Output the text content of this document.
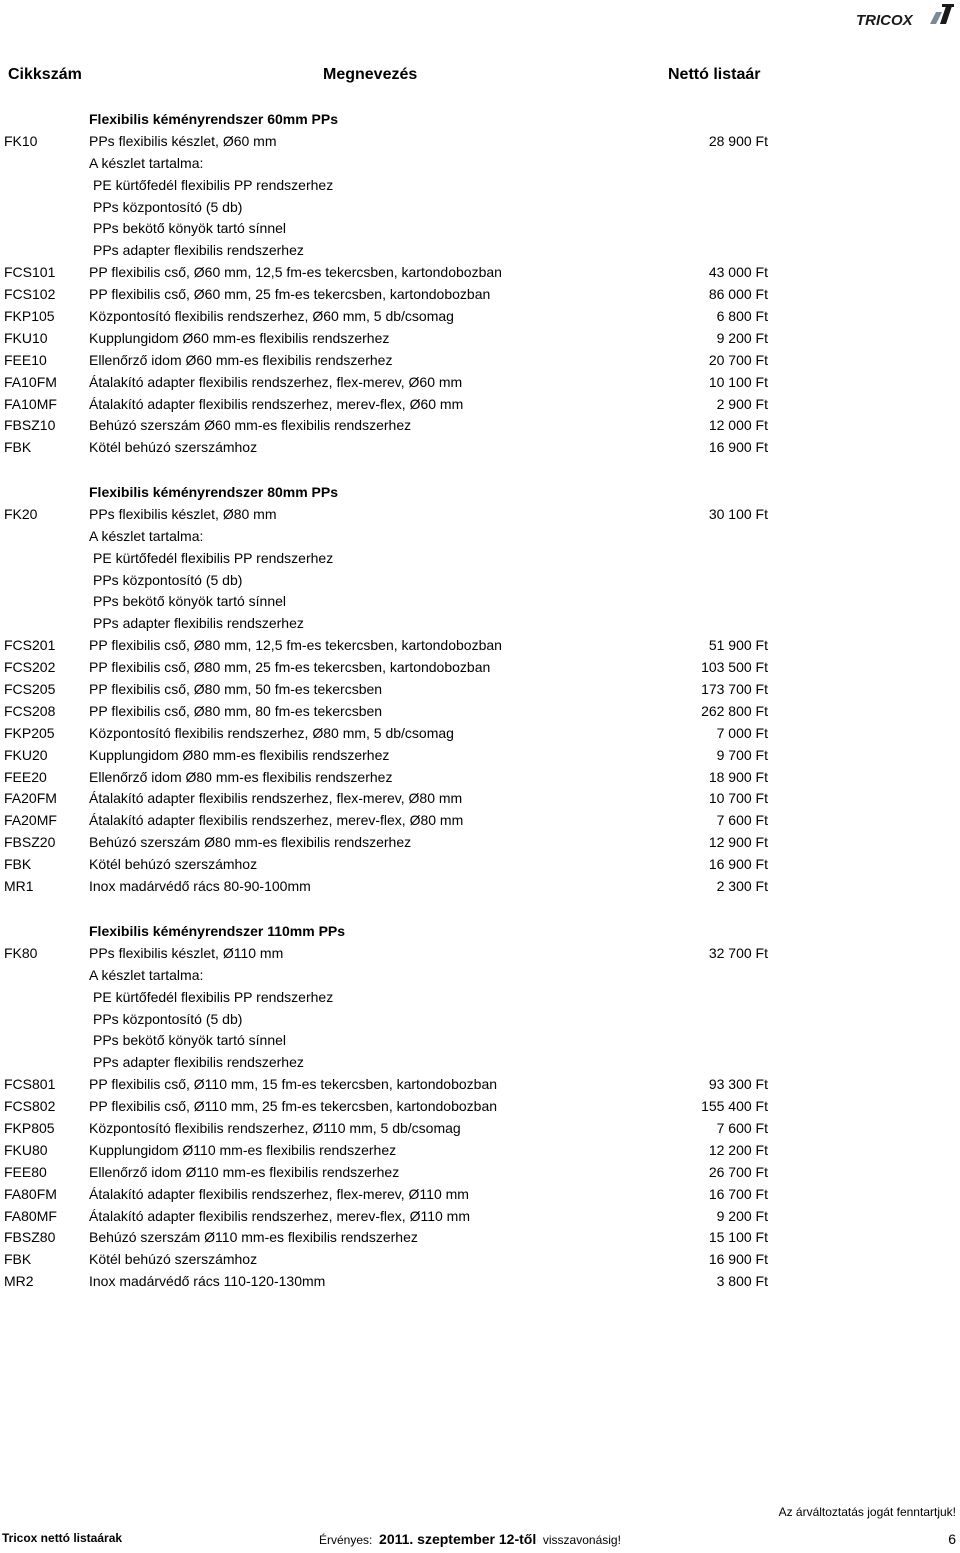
TRICOX
Cikkszám	Megnevezés	Nettó listaár
Flexibilis kéményrendszer 60mm PPs
FK10	PPs flexibilis készlet, Ø60 mm	28 900 Ft
A készlet tartalma:
PE kürtőfedél flexibilis PP rendszerhez
PPs központosító (5 db)
PPs bekötő könyök tartó sínnel
PPs adapter flexibilis rendszerhez
FCS101 PP flexibilis cső, Ø60 mm, 12,5 fm-es tekercsben, kartondobozban	43 000 Ft
FCS102 PP flexibilis cső, Ø60 mm, 25 fm-es tekercsben, kartondobozban	86 000 Ft
FKP105 Központosító flexibilis rendszerhez, Ø60 mm, 5 db/csomag	6 800 Ft
FKU10	Kupplungidom Ø60 mm-es flexibilis rendszerhez	9 200 Ft
FEE10	Ellenőrző idom Ø60 mm-es flexibilis rendszerhez	20 700 Ft
FA10FM Átalakító adapter flexibilis rendszerhez, flex-merev, Ø60 mm	10 100 Ft
FA10MF Átalakító adapter flexibilis rendszerhez, merev-flex, Ø60 mm	2 900 Ft
FBSZ10 Behúzó szerszám Ø60 mm-es flexibilis rendszerhez	12 000 Ft
FBK	Kötél behúzó szerszámhoz	16 900 Ft
Flexibilis kéményrendszer 80mm PPs
FK20	PPs flexibilis készlet, Ø80 mm	30 100 Ft
A készlet tartalma:
PE kürtőfedél flexibilis PP rendszerhez
PPs központosító (5 db)
PPs bekötő könyök tartó sínnel
PPs adapter flexibilis rendszerhez
FCS201 PP flexibilis cső, Ø80 mm, 12,5 fm-es tekercsben, kartondobozban	51 900 Ft
FCS202 PP flexibilis cső, Ø80 mm, 25 fm-es tekercsben, kartondobozban	103 500 Ft
FCS205 PP flexibilis cső, Ø80 mm, 50 fm-es tekercsben	173 700 Ft
FCS208 PP flexibilis cső, Ø80 mm, 80 fm-es tekercsben	262 800 Ft
FKP205 Központosító flexibilis rendszerhez, Ø80 mm, 5 db/csomag	7 000 Ft
FKU20	Kupplungidom Ø80 mm-es flexibilis rendszerhez	9 700 Ft
FEE20	Ellenőrző idom Ø80 mm-es flexibilis rendszerhez	18 900 Ft
FA20FM Átalakító adapter flexibilis rendszerhez, flex-merev, Ø80 mm	10 700 Ft
FA20MF Átalakító adapter flexibilis rendszerhez, merev-flex, Ø80 mm	7 600 Ft
FBSZ20 Behúzó szerszám Ø80 mm-es flexibilis rendszerhez	12 900 Ft
FBK	Kötél behúzó szerszámhoz	16 900 Ft
MR1	Inox madárvédő rács 80-90-100mm	2 300 Ft
Flexibilis kéményrendszer 110mm PPs
FK80	PPs flexibilis készlet, Ø110 mm	32 700 Ft
A készlet tartalma:
PE kürtőfedél flexibilis PP rendszerhez
PPs központosító (5 db)
PPs bekötő könyök tartó sínnel
PPs adapter flexibilis rendszerhez
FCS801 PP flexibilis cső, Ø110 mm, 15 fm-es tekercsben, kartondobozban	93 300 Ft
FCS802 PP flexibilis cső, Ø110 mm, 25 fm-es tekercsben, kartondobozban	155 400 Ft
FKP805 Központosító flexibilis rendszerhez, Ø110 mm, 5 db/csomag	7 600 Ft
FKU80	Kupplungidom Ø110 mm-es flexibilis rendszerhez	12 200 Ft
FEE80	Ellenőrző idom Ø110 mm-es flexibilis rendszerhez	26 700 Ft
FA80FM Átalakító adapter flexibilis rendszerhez, flex-merev, Ø110 mm	16 700 Ft
FA80MF Átalakító adapter flexibilis rendszerhez, merev-flex, Ø110 mm	9 200 Ft
FBSZ80 Behúzó szerszám Ø110 mm-es flexibilis rendszerhez	15 100 Ft
FBK	Kötél behúzó szerszámhoz	16 900 Ft
MR2	Inox madárvédő rács 110-120-130mm	3 800 Ft
Az árváltoztatás jogát fenntartjuk!
Tricox nettó listaárak	Érvényes: 2011. szeptember 12-től visszavonásig!	6
